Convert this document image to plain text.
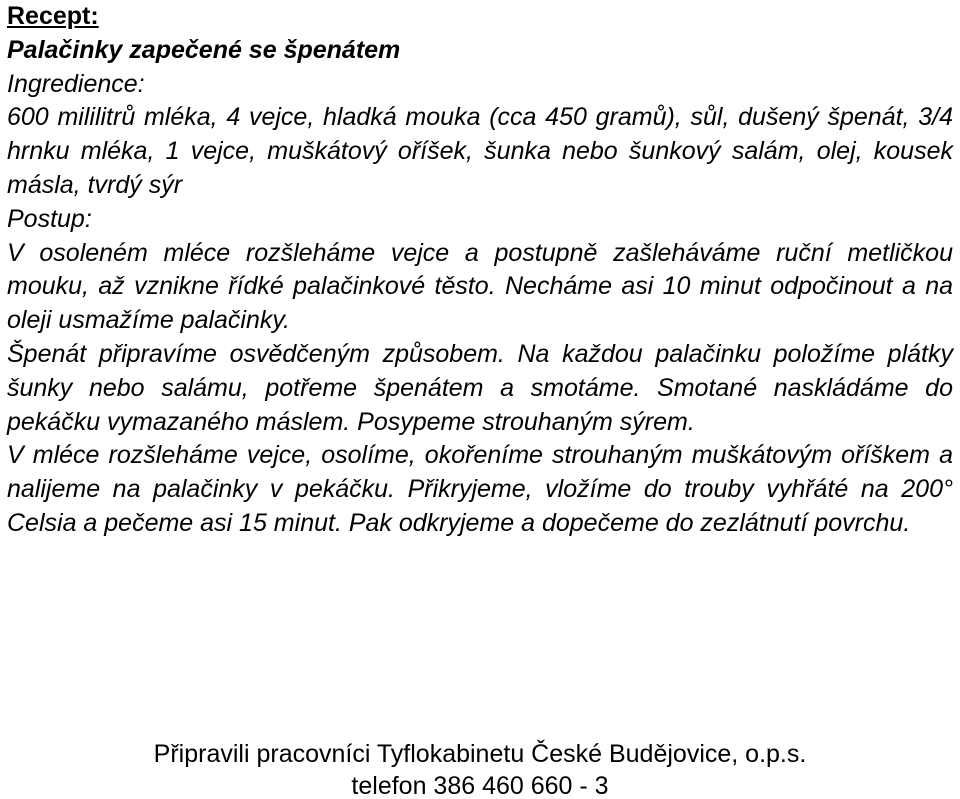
Recept:
Palačinky zapečené se špenátem
Ingredience:
600 mililitrů mléka, 4 vejce, hladká mouka (cca 450 gramů), sůl, dušený špenát, 3/4 hrnku mléka, 1 vejce, muškátový oříšek, šunka nebo šunkový salám, olej, kousek másla, tvrdý sýr
Postup:
V osoleném mléce rozšleháme vejce a postupně zašleháváme ruční metličkou mouku, až vznikne řídké palačinkové těsto. Necháme asi 10 minut odpočinout a na oleji usmažíme palačinky.
Špenát připravíme osvědčeným způsobem. Na každou palačinku položíme plátky šunky nebo salámu, potřeme špenátem a smotáme. Smotané naskládáme do pekáčku vymazaného máslem. Posypeme strouhaným sýrem.
V mléce rozšleháme vejce, osolíme, okořeníme strouhaným muškátovým oříškem a nalijeme na palačinky v pekáčku. Přikryjeme, vložíme do trouby vyhřáté na 200° Celsia a pečeme asi 15 minut. Pak odkryjeme a dopečeme do zezlátnutí povrchu.
Připravili pracovníci Tyflokabinetu České Budějovice, o.p.s.
telefon 386 460 660 - 3
